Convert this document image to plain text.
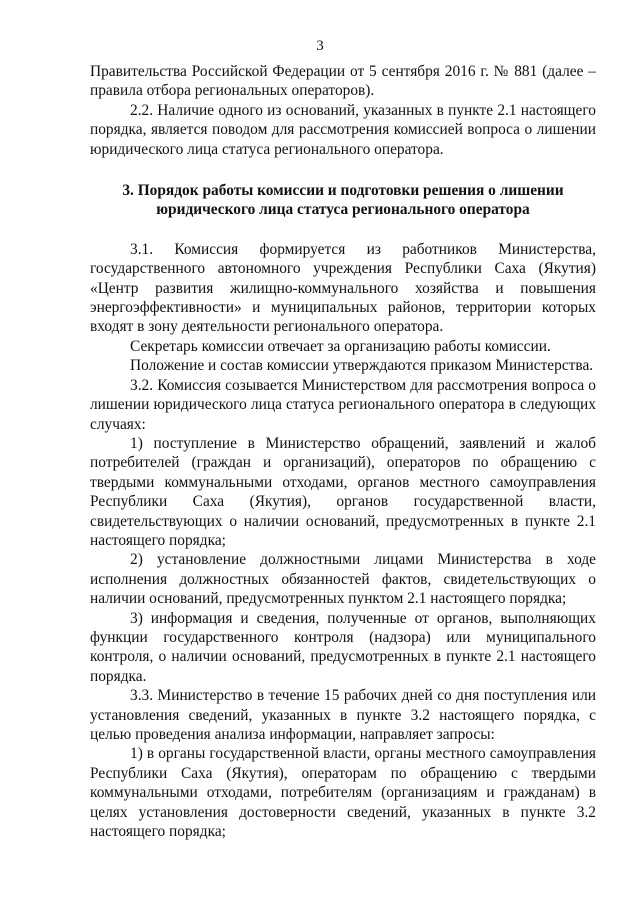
3

Правительства Российской Федерации от 5 сентября 2016 г. № 881 (далее – правила отбора региональных операторов).

2.2. Наличие одного из оснований, указанных в пункте 2.1 настоящего порядка, является поводом для рассмотрения комиссией вопроса о лишении юридического лица статуса регионального оператора.

3. Порядок работы комиссии и подготовки решения о лишении
юридического лица статуса регионального оператора

3.1. Комиссия формируется из работников Министерства, государственного автономного учреждения Республики Саха (Якутия) «Центр развития жилищно-коммунального хозяйства и повышения энергоэффективности» и муниципальных районов, территории которых входят в зону деятельности регионального оператора.

Секретарь комиссии отвечает за организацию работы комиссии.

Положение и состав комиссии утверждаются приказом Министерства.

3.2. Комиссия созывается Министерством для рассмотрения вопроса о лишении юридического лица статуса регионального оператора в следующих случаях:

1) поступление в Министерство обращений, заявлений и жалоб потребителей (граждан и организаций), операторов по обращению с твердыми коммунальными отходами, органов местного самоуправления Республики Саха (Якутия), органов государственной власти, свидетельствующих о наличии оснований, предусмотренных в пункте 2.1 настоящего порядка;

2) установление должностными лицами Министерства в ходе исполнения должностных обязанностей фактов, свидетельствующих о наличии оснований, предусмотренных пунктом 2.1 настоящего порядка;

3) информация и сведения, полученные от органов, выполняющих функции государственного контроля (надзора) или муниципального контроля, о наличии оснований, предусмотренных в пункте 2.1 настоящего порядка.

3.3. Министерство в течение 15 рабочих дней со дня поступления или установления сведений, указанных в пункте 3.2 настоящего порядка, с целью проведения анализа информации, направляет запросы:

1) в органы государственной власти, органы местного самоуправления Республики Саха (Якутия), операторам по обращению с твердыми коммунальными отходами, потребителям (организациям и гражданам) в целях установления достоверности сведений, указанных в пункте 3.2 настоящего порядка;
